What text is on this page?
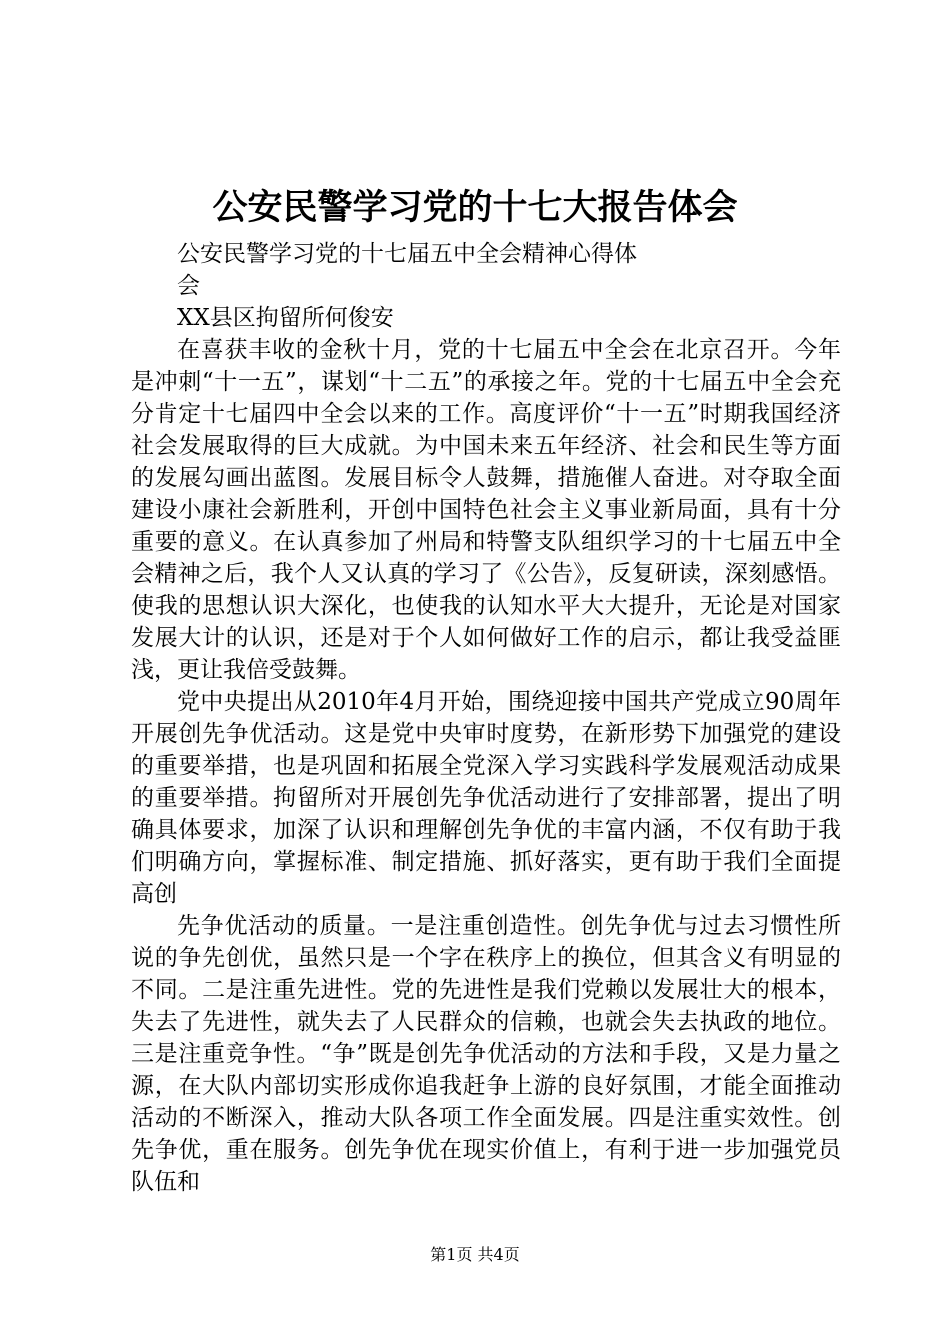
公安民警学习党的十七大报告体会

公安民警学习党的十七届五中全会精神心得体会

XX县区拘留所何俊安

在喜获丰收的金秋十月，党的十七届五中全会在北京召开。今年是冲刺“十一五”，谋划“十二五”的承接之年。党的十七届五中全会充分肯定十七届四中全会以来的工作。高度评价“十一五”时期我国经济社会发展取得的巨大成就。为中国未来五年经济、社会和民生等方面的发展勾画出蓝图。发展目标令人鼓舞，措施催人奋进。对夺取全面建设小康社会新胜利，开创中国特色社会主义事业新局面，具有十分重要的意义。在认真参加了州局和特警支队组织学习的十七届五中全会精神之后，我个人又认真的学习了《公告》，反复研读，深刻感悟。使我的思想认识大深化，也使我的认知水平大大提升，无论是对国家发展大计的认识，还是对于个人如何做好工作的启示，都让我受益匪浅，更让我倍受鼓舞。

党中央提出从2010年4月开始，围绕迎接中国共产党成立90周年开展创先争优活动。这是党中央审时度势，在新形势下加强党的建设的重要举措，也是巩固和拓展全党深入学习实践科学发展观活动成果的重要举措。拘留所对开展创先争优活动进行了安排部署，提出了明确具体要求，加深了认识和理解创先争优的丰富内涵，不仅有助于我们明确方向，掌握标准、制定措施、抓好落实，更有助于我们全面提高创

先争优活动的质量。一是注重创造性。创先争优与过去习惯性所说的争先创优，虽然只是一个字在秩序上的换位，但其含义有明显的不同。二是注重先进性。党的先进性是我们党赖以发展壮大的根本，失去了先进性，就失去了人民群众的信赖，也就会失去执政的地位。三是注重竞争性。“争”既是创先争优活动的方法和手段，又是力量之源，在大队内部切实形成你追我赶争上游的良好氛围，才能全面推动活动的不断深入，推动大队各项工作全面发展。四是注重实效性。创先争优，重在服务。创先争优在现实价值上，有利于进一步加强党员队伍和

第1页 共4页
